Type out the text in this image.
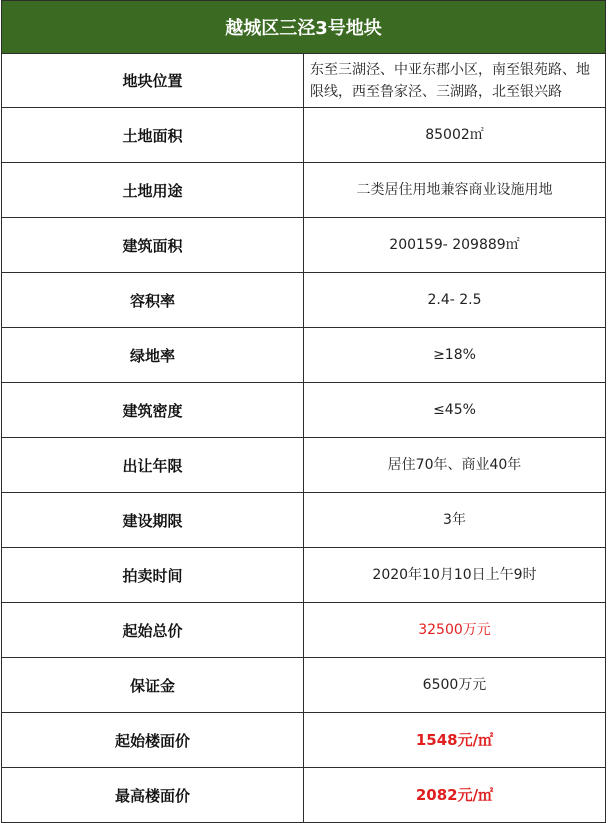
越城区三泾3号地块	
地块位置	东至三湖泾、中亚东郡小区，南至银苑路、地限线，西至鲁家泾、三湖路，北至银兴路
土地面积	85002㎡
土地用途	二类居住用地兼容商业设施用地
建筑面积	200159- 209889㎡
容积率	2.4- 2.5
绿地率	≥18%
建筑密度	≤45%
出让年限	居住70年、商业40年
建设期限	3年
拍卖时间	2020年10月10日上午9时
起始总价	32500万元
保证金	6500万元
起始楼面价	1548元/㎡
最高楼面价	2082元/㎡
